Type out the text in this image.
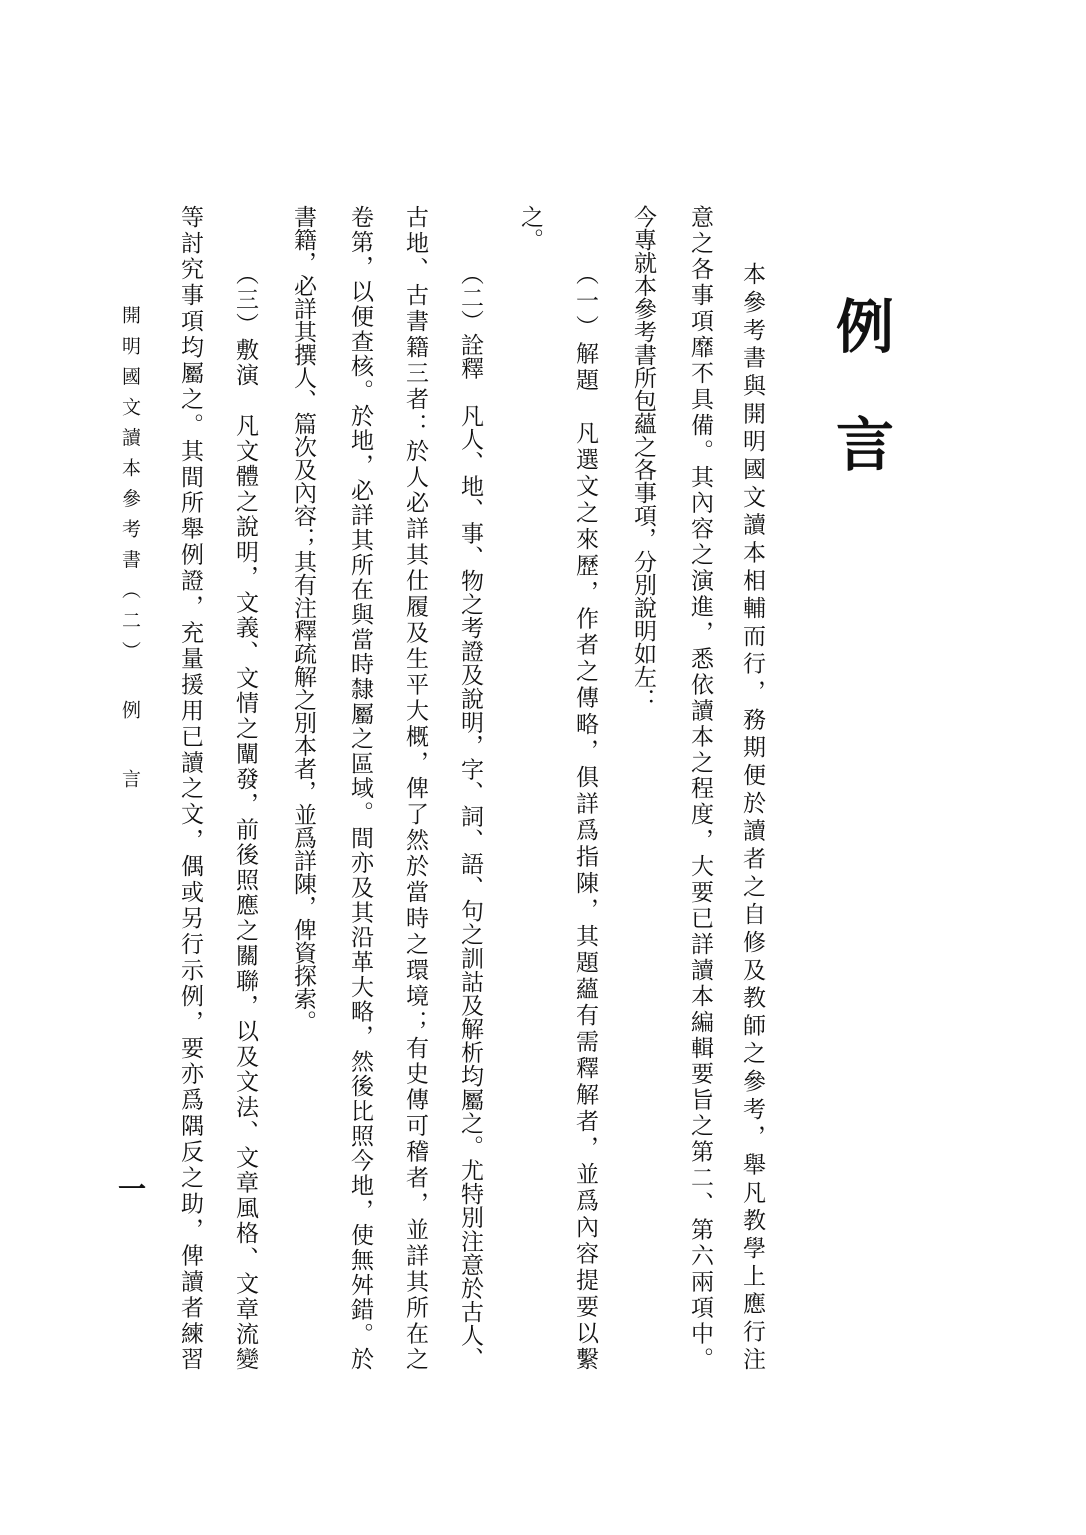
例言
本參考書與開明國文讀本相輔而行，務期便於讀者之自修及教師之參考，舉凡教學上應行注
意之各事項靡不具備。其內容之演進，悉依讀本之程度，大要已詳讀本編輯要旨之第二、第六兩項中。
今專就本參考書所包蘊之各事項，分別說明如左：
（一）解題　凡選文之來歷，作者之傳略，俱詳爲指陳，其題蘊有需釋解者，並爲內容提要以繫
之。
（二）詮釋　凡人、地、事、物之考證及說明，字、詞、語、句之訓詁及解析均屬之。尤特別注意於古人、
古地、古書籍三者：於人必詳其仕履及生平大概，俾了然於當時之環境；有史傳可稽者，並詳其所在之
卷第，以便查核。於地，必詳其所在與當時隸屬之區域。間亦及其沿革大略，然後比照今地，使無舛錯。於
書籍，必詳其撰人、篇次及內容；其有注釋疏解之別本者，並爲詳陳，俾資探索。
（三）敷演　凡文體之說明，文義、文情之闡發，前後照應之關聯，以及文法、文章風格、文章流變
等討究事項均屬之。其間所舉例證，充量援用已讀之文，偶或另行示例，要亦爲隅反之助，俾讀者練習
開明國文讀本參考書（二）
例言
一
